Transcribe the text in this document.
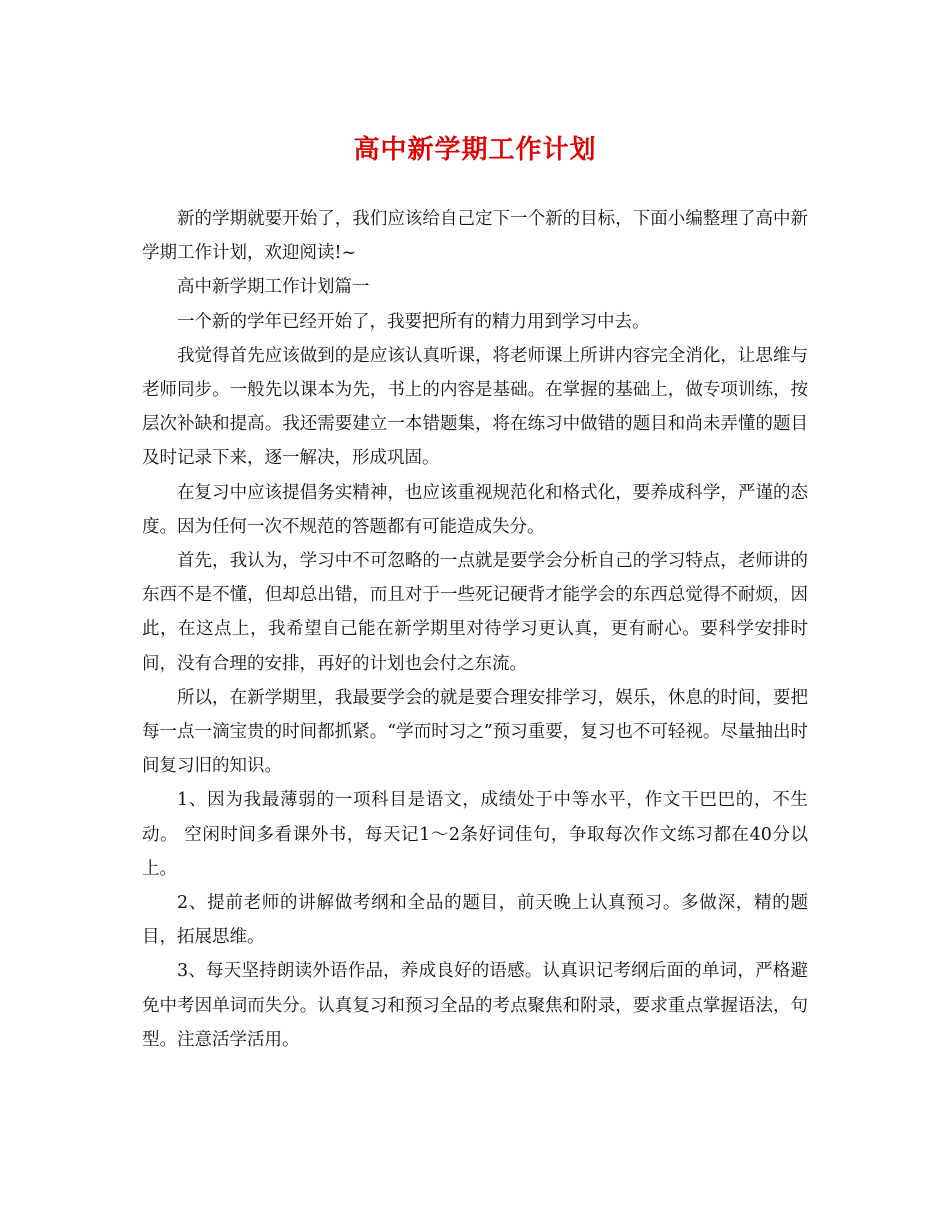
高中新学期工作计划

新的学期就要开始了，我们应该给自己定下一个新的目标，下面小编整理了高中新学期工作计划，欢迎阅读!~

高中新学期工作计划篇一

一个新的学年已经开始了，我要把所有的精力用到学习中去。

我觉得首先应该做到的是应该认真听课，将老师课上所讲内容完全消化，让思维与老师同步。一般先以课本为先，书上的内容是基础。在掌握的基础上，做专项训练，按层次补缺和提高。我还需要建立一本错题集，将在练习中做错的题目和尚未弄懂的题目及时记录下来，逐一解决，形成巩固。

在复习中应该提倡务实精神，也应该重视规范化和格式化，要养成科学，严谨的态度。因为任何一次不规范的答题都有可能造成失分。

首先，我认为，学习中不可忽略的一点就是要学会分析自己的学习特点，老师讲的东西不是不懂，但却总出错，而且对于一些死记硬背才能学会的东西总觉得不耐烦，因此，在这点上，我希望自己能在新学期里对待学习更认真，更有耐心。要科学安排时间，没有合理的安排，再好的计划也会付之东流。

所以，在新学期里，我最要学会的就是要合理安排学习，娱乐，休息的时间，要把每一点一滴宝贵的时间都抓紧。“学而时习之”预习重要，复习也不可轻视。尽量抽出时间复习旧的知识。

1、因为我最薄弱的一项科目是语文，成绩处于中等水平，作文干巴巴的，不生动。 空闲时间多看课外书，每天记1～2条好词佳句，争取每次作文练习都在40分以上。

2、提前老师的讲解做考纲和全品的题目，前天晚上认真预习。多做深，精的题目，拓展思维。

3、每天坚持朗读外语作品，养成良好的语感。认真识记考纲后面的单词，严格避免中考因单词而失分。认真复习和预习全品的考点聚焦和附录，要求重点掌握语法，句型。注意活学活用。
